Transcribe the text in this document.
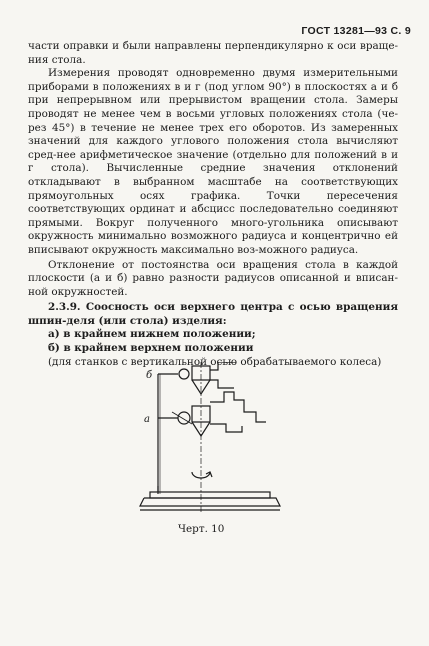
ГОСТ 13281—93 С. 9

части оправки и были направлены перпендикулярно к оси враще-ния стола.

Измерения проводят одновременно двумя измерительными приборами в положениях в и г (под углом 90°) в плоскостях а и б при непрерывном или прерывистом вращении стола. Замеры проводят не менее чем в восьми угловых положениях стола (че-рез 45°) в течение не менее трех его оборотов. Из замеренных значений для каждого углового положения стола вычисляют сред-нее арифметическое значение (отдельно для положений в и г стола). Вычисленные средние значения отклонений откладывают в выбранном масштабе на соответствующих прямоугольных осях графика. Точки пересечения соответствующих ординат и абсцисс последовательно соединяют прямыми. Вокруг полученного много-угольника описывают окружность минимально возможного радиуса и концентрично ей вписывают окружность максимально воз-можного радиуса.

Отклонение от постоянства оси вращения стола в каждой плоскости (а и б) равно разности радиусов описанной и вписан-ной окружностей.

2.3.9. Соосность оси верхнего центра с осью вращения шпин-деля (или стола) изделия:

а) в крайнем нижнем положении;

б) в крайнем верхнем положении

(для станков с вертикальной осью обрабатываемого колеса)

б
а
Черт. 10
